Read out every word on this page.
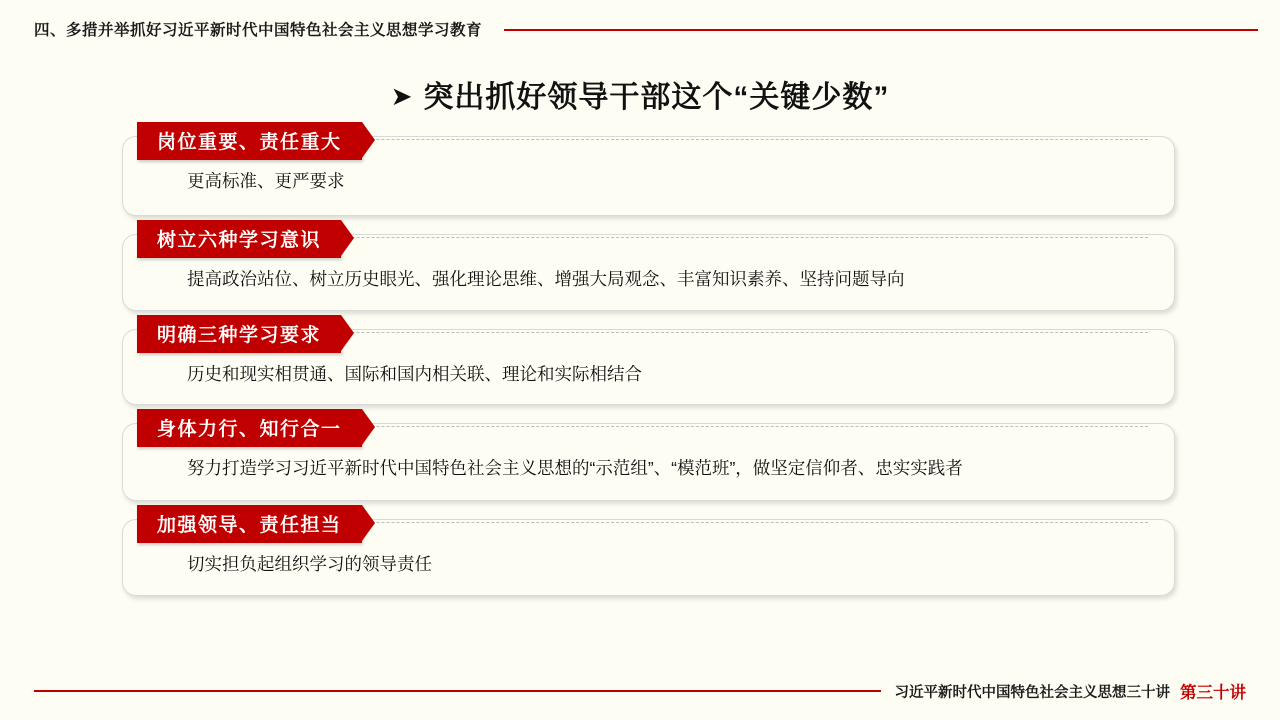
四、多措并举抓好习近平新时代中国特色社会主义思想学习教育
➤ 突出抓好领导干部这个“关键少数”
岗位重要、责任重大
更高标准、更严要求
树立六种学习意识
提高政治站位、树立历史眼光、强化理论思维、增强大局观念、丰富知识素养、坚持问题导向
明确三种学习要求
历史和现实相贯通、国际和国内相关联、理论和实际相结合
身体力行、知行合一
努力打造学习习近平新时代中国特色社会主义思想的“示范组”、“模范班”，做坚定信仰者、忠实实践者
加强领导、责任担当
切实担负起组织学习的领导责任
习近平新时代中国特色社会主义思想三十讲 第三十讲
